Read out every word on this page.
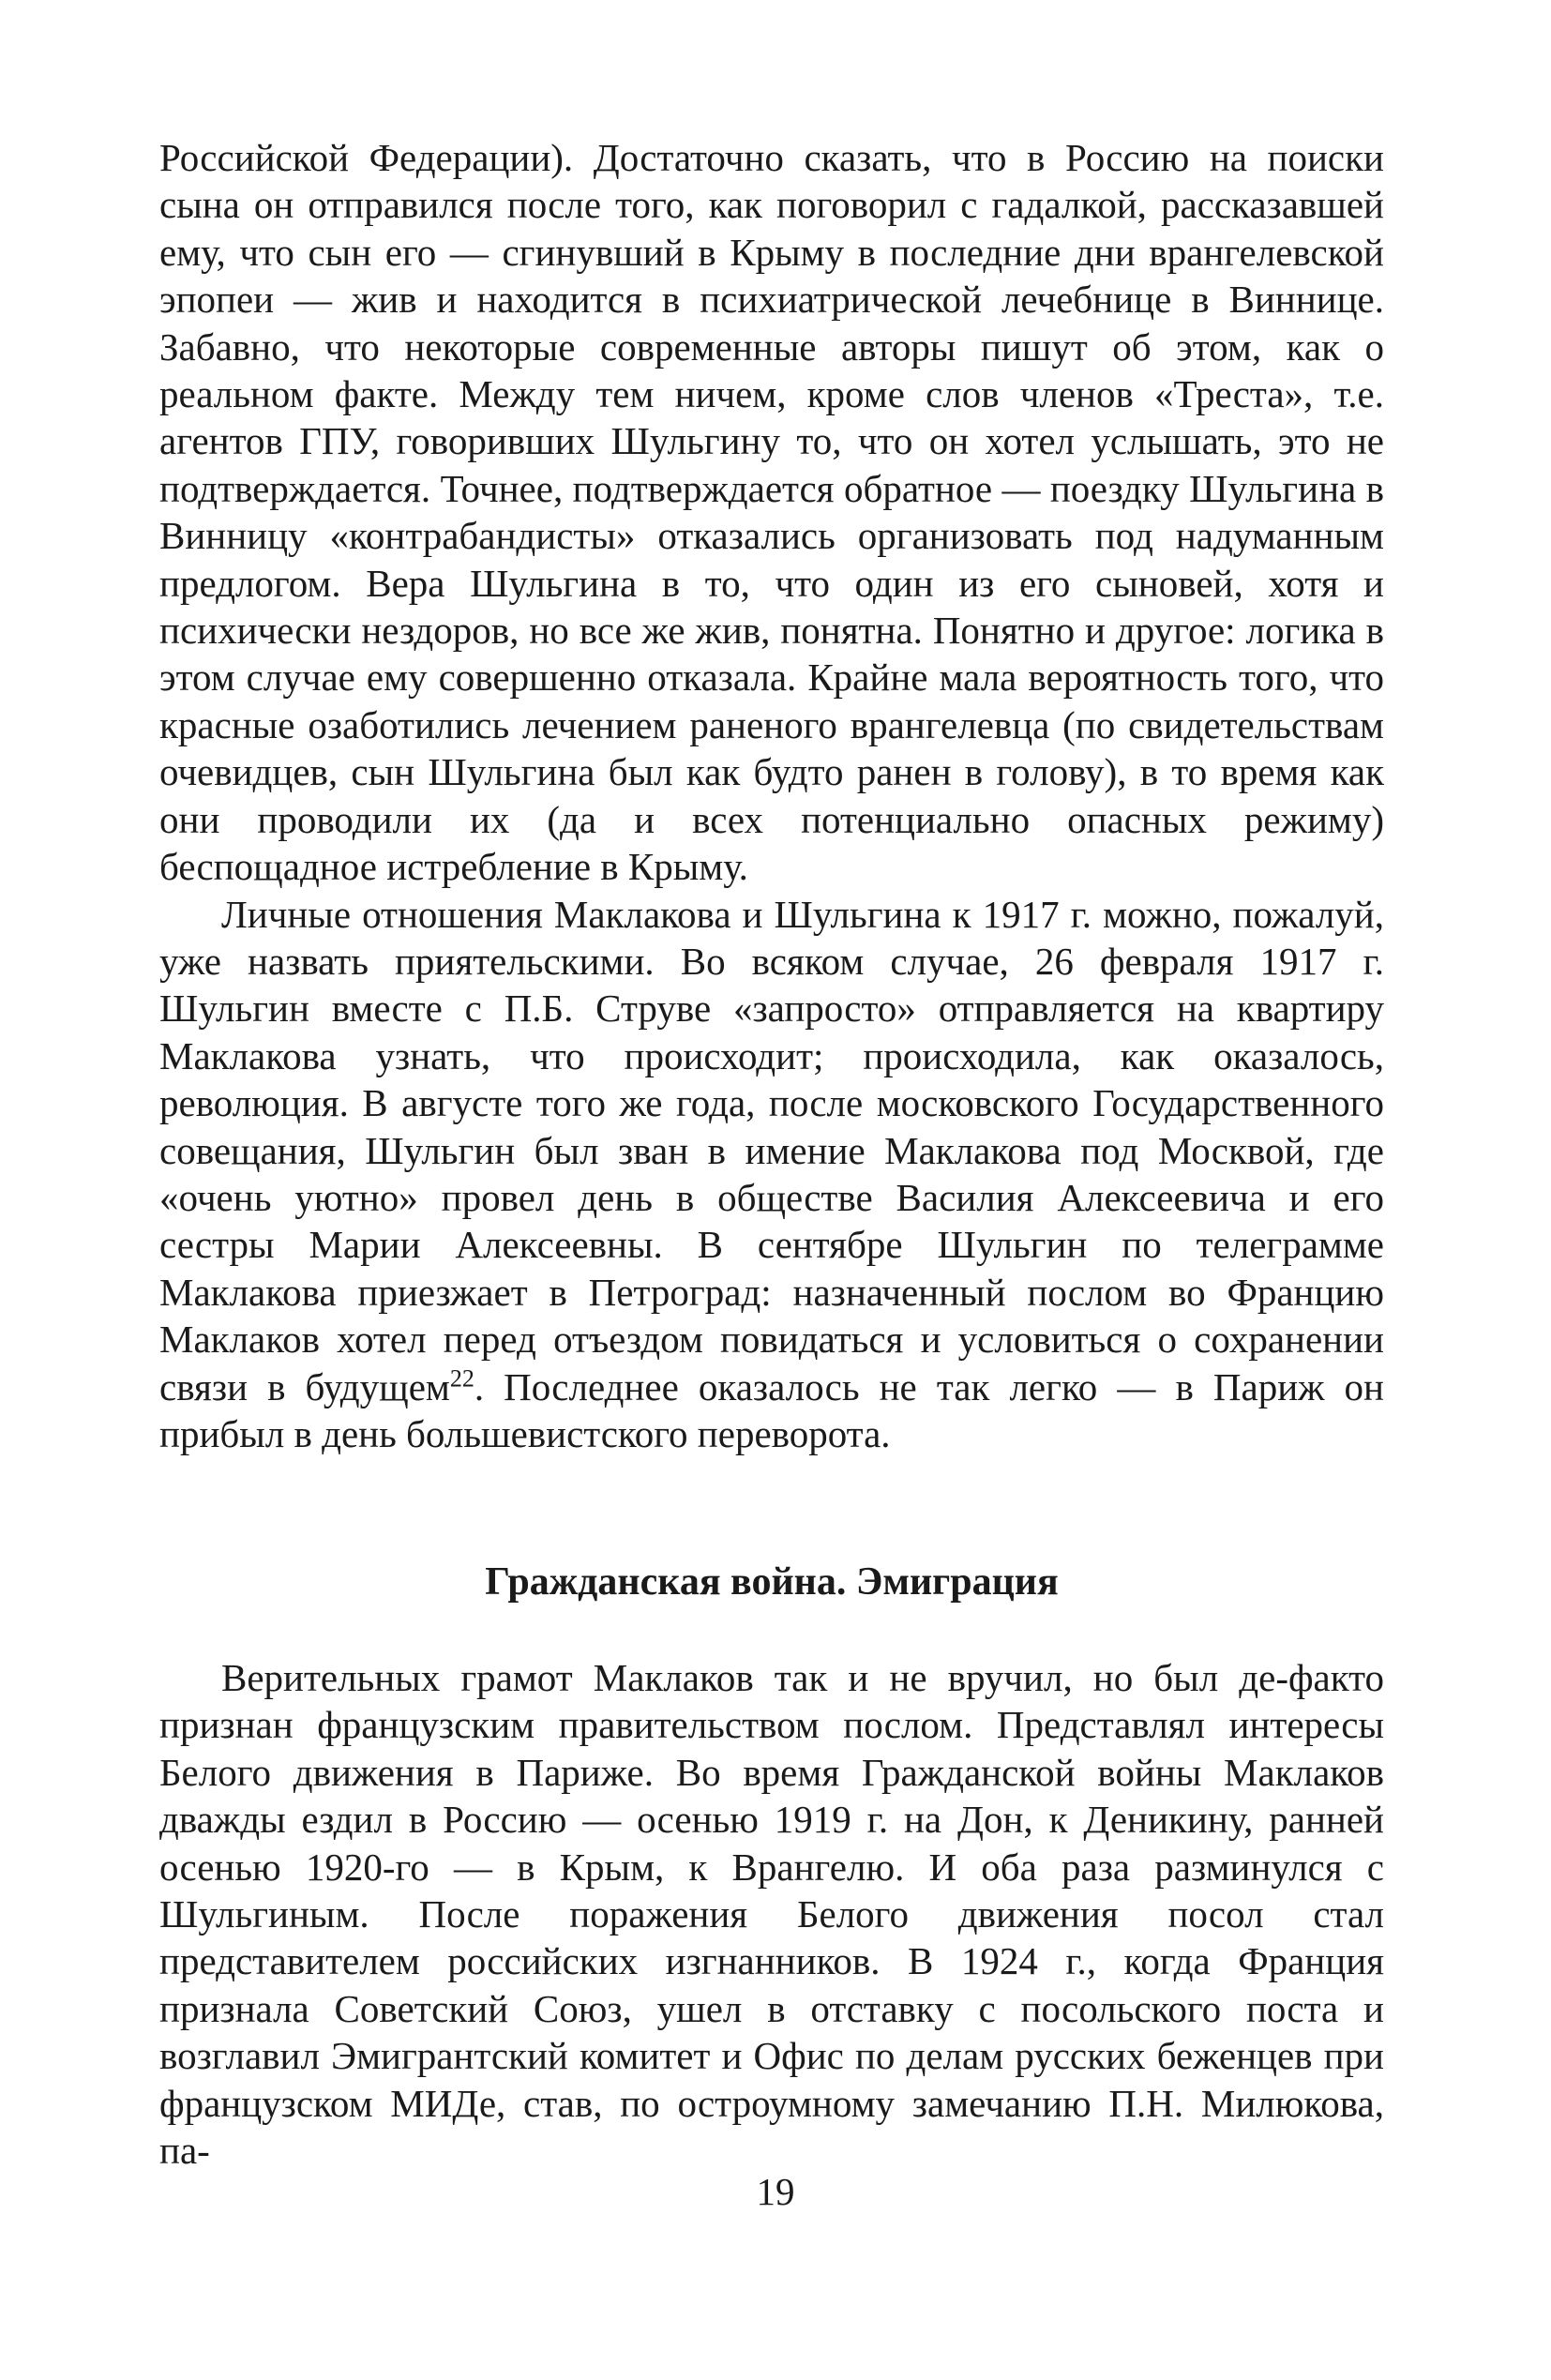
Российской Федерации). Достаточно сказать, что в Россию на поиски сына он отправился после того, как поговорил с гадалкой, рассказавшей ему, что сын его — сгинувший в Крыму в последние дни врангелевской эпопеи — жив и находится в психиатрической лечебнице в Виннице. Забавно, что некоторые современные авторы пишут об этом, как о реальном факте. Между тем ничем, кроме слов членов «Треста», т.е. агентов ГПУ, говоривших Шульгину то, что он хотел услышать, это не подтверждается. Точнее, подтверждается обратное — поездку Шульгина в Винницу «контрабандисты» отказались организовать под надуманным предлогом. Вера Шульгина в то, что один из его сыновей, хотя и психически нездоров, но все же жив, понятна. Понятно и другое: логика в этом случае ему совершенно отказала. Крайне мала вероятность того, что красные озаботились лечением раненого врангелевца (по свидетельствам очевидцев, сын Шульгина был как будто ранен в голову), в то время как они проводили их (да и всех потенциально опасных режиму) беспощадное истребление в Крыму.

Личные отношения Маклакова и Шульгина к 1917 г. можно, пожалуй, уже назвать приятельскими. Во всяком случае, 26 февраля 1917 г. Шульгин вместе с П.Б. Струве «запросто» отправляется на квартиру Маклакова узнать, что происходит; происходила, как оказалось, революция. В августе того же года, после московского Государственного совещания, Шульгин был зван в имение Маклакова под Москвой, где «очень уютно» провел день в обществе Василия Алексеевича и его сестры Марии Алексеевны. В сентябре Шульгин по телеграмме Маклакова приезжает в Петроград: назначенный послом во Францию Маклаков хотел перед отъездом повидаться и условиться о сохранении связи в будущем$^{22}$. Последнее оказалось не так легко — в Париж он прибыл в день большевистского переворота.

Гражданская война. Эмиграция

Верительных грамот Маклаков так и не вручил, но был де-факто признан французским правительством послом. Представлял интересы Белого движения в Париже. Во время Гражданской войны Маклаков дважды ездил в Россию — осенью 1919 г. на Дон, к Деникину, ранней осенью 1920-го — в Крым, к Врангелю. И оба раза разминулся с Шульгиным. После поражения Белого движения посол стал представителем российских изгнанников. В 1924 г., когда Франция признала Советский Союз, ушел в отставку с посольского поста и возглавил Эмигрантский комитет и Офис по делам русских беженцев при французском МИДе, став, по остроумному замечанию П.Н. Милюкова, па-

19
